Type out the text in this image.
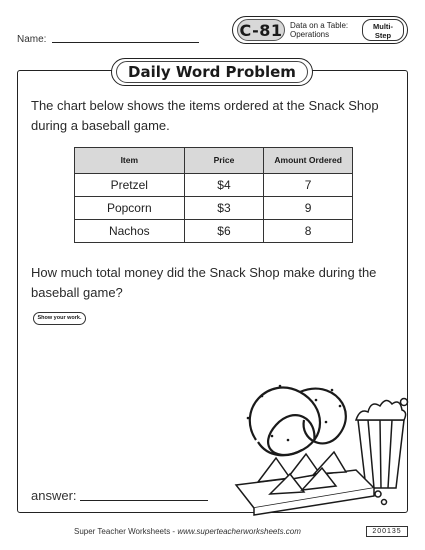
Name:	C-81 Data on a Table:
Operations
Multi-
Step
Daily Word Problem
The chart below shows the items ordered at the Snack Shop during a baseball game.
Item	Price	Amount Ordered
Pretzel	$4	7
Popcorn	$3	9
Nachos	$6	8
How much total money did the Snack Shop make during the baseball game?
Show your work.
answer:
Super Teacher Worksheets - www.superteacherworksheets.com	200135
